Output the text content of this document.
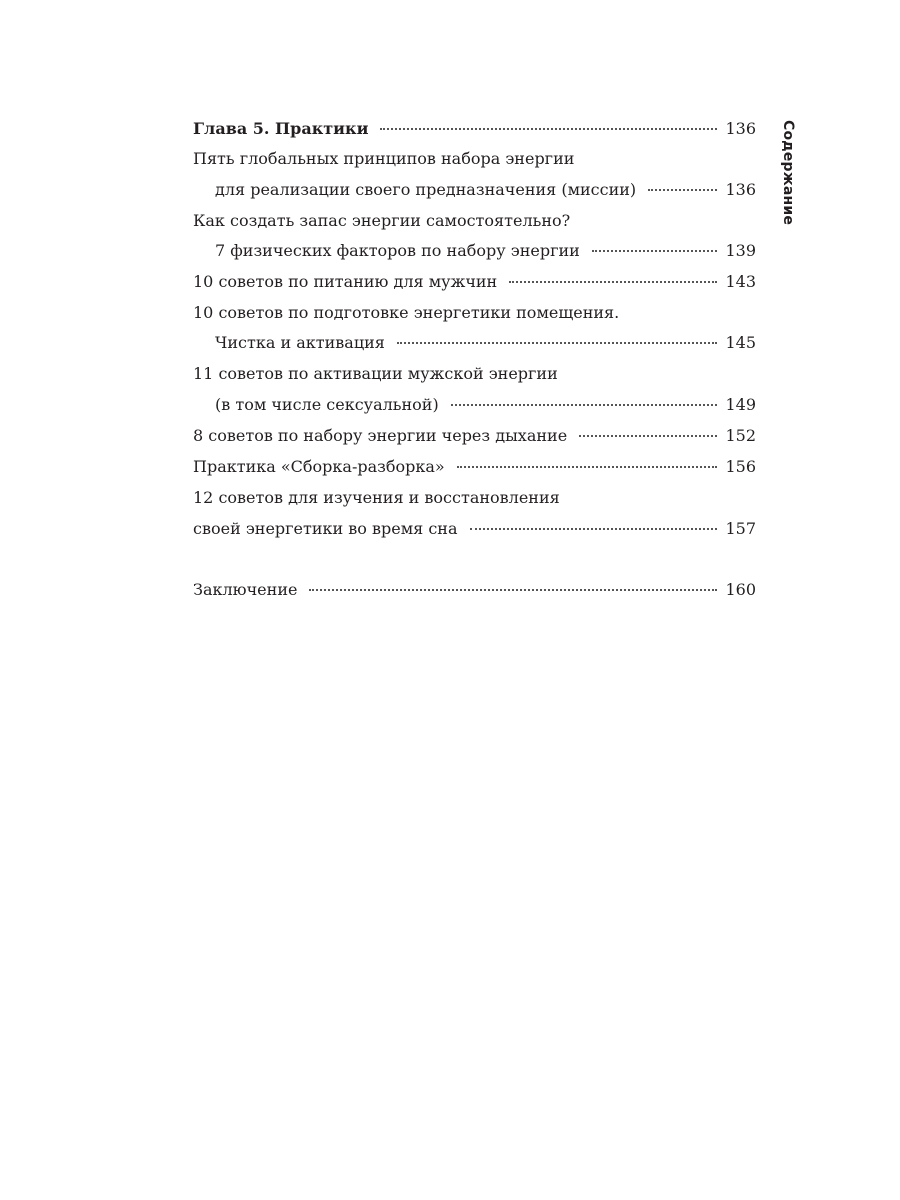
Содержание
Глава 5. Практики	136
Пять глобальных принципов набора энергии
для реализации своего предназначения (миссии)	136
Как создать запас энергии самостоятельно?
7 физических факторов по набору энергии	139
10 советов по питанию для мужчин	143
10 советов по подготовке энергетики помещения.
Чистка и активация	145
11 советов по активации мужской энергии
(в том числе сексуальной)	149
8 советов по набору энергии через дыхание	152
Практика «Сборка-разборка»	156
12 советов для изучения и восстановления
своей энергетики во время сна	157
Заключение	160
